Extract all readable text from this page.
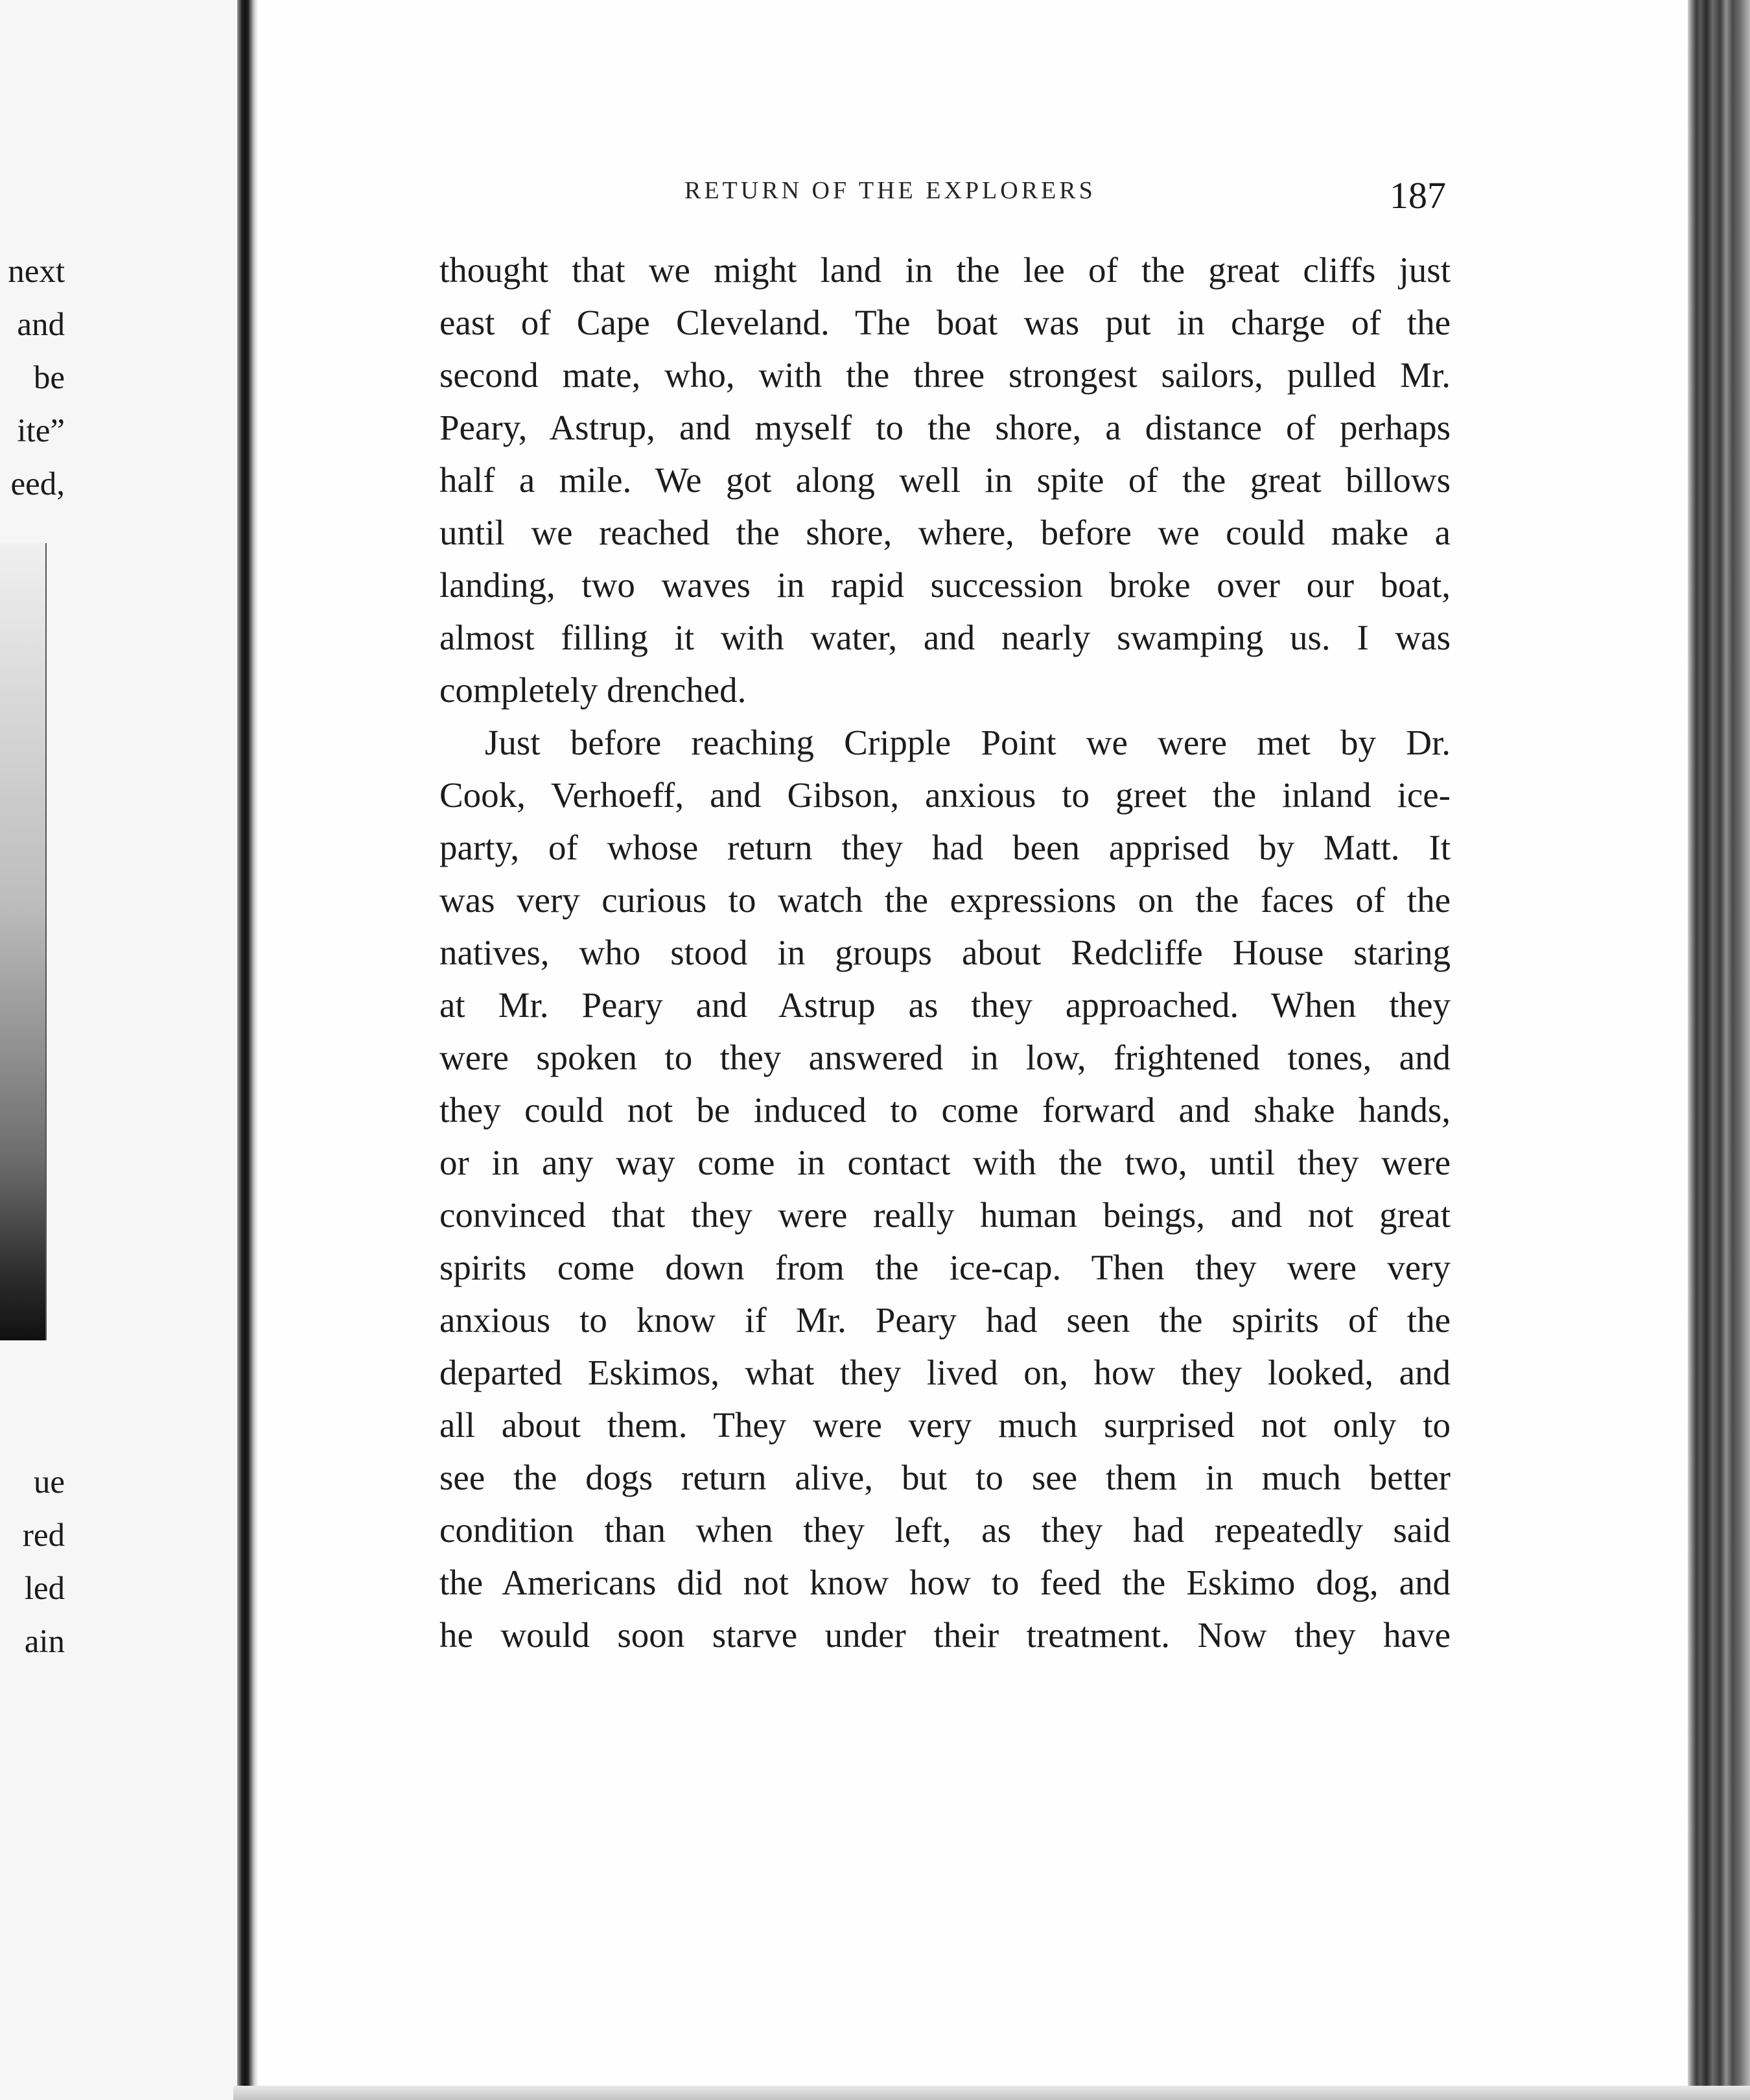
next
and
be
ite”
eed,
ue
red
led
ain
RETURN OF THE EXPLORERS	187
thought that we might land in the lee of the great cliffs just
east of Cape Cleveland. The boat was put in charge of the
second mate, who, with the three strongest sailors, pulled Mr.
Peary, Astrup, and myself to the shore, a distance of perhaps
half a mile. We got along well in spite of the great billows
until we reached the shore, where, before we could make a
landing, two waves in rapid succession broke over our boat,
almost filling it with water, and nearly swamping us. I was
completely drenched.
Just before reaching Cripple Point we were met by Dr.
Cook, Verhoeff, and Gibson, anxious to greet the inland ice-
party, of whose return they had been apprised by Matt. It
was very curious to watch the expressions on the faces of the
natives, who stood in groups about Redcliffe House staring
at Mr. Peary and Astrup as they approached. When they
were spoken to they answered in low, frightened tones, and
they could not be induced to come forward and shake hands,
or in any way come in contact with the two, until they were
convinced that they were really human beings, and not great
spirits come down from the ice-cap. Then they were very
anxious to know if Mr. Peary had seen the spirits of the
departed Eskimos, what they lived on, how they looked, and
all about them. They were very much surprised not only to
see the dogs return alive, but to see them in much better
condition than when they left, as they had repeatedly said
the Americans did not know how to feed the Eskimo dog, and
he would soon starve under their treatment. Now they have
